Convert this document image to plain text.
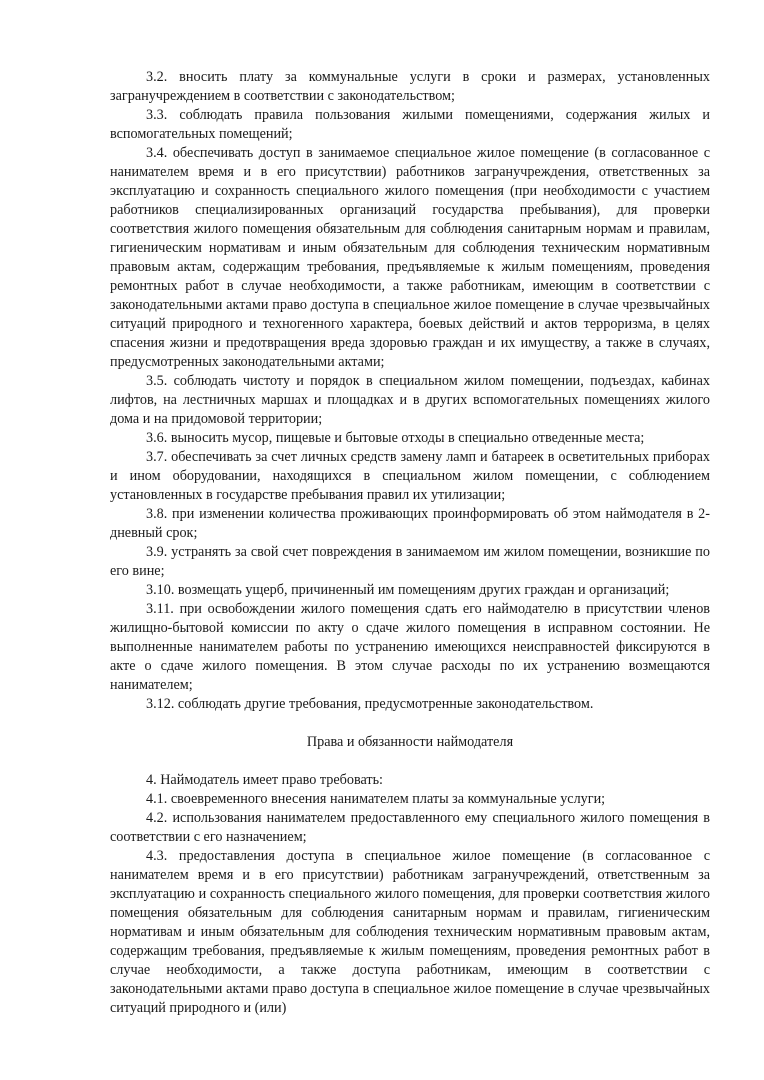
3.2. вносить плату за коммунальные услуги в сроки и размерах, установленных загранучреждением в соответствии с законодательством;

3.3. соблюдать правила пользования жилыми помещениями, содержания жилых и вспомогательных помещений;

3.4. обеспечивать доступ в занимаемое специальное жилое помещение (в согласованное с нанимателем время и в его присутствии) работников загранучреждения, ответственных за эксплуатацию и сохранность специального жилого помещения (при необходимости с участием работников специализированных организаций государства пребывания), для проверки соответствия жилого помещения обязательным для соблюдения санитарным нормам и правилам, гигиеническим нормативам и иным обязательным для соблюдения техническим нормативным правовым актам, содержащим требования, предъявляемые к жилым помещениям, проведения ремонтных работ в случае необходимости, а также работникам, имеющим в соответствии с законодательными актами право доступа в специальное жилое помещение в случае чрезвычайных ситуаций природного и техногенного характера, боевых действий и актов терроризма, в целях спасения жизни и предотвращения вреда здоровью граждан и их имуществу, а также в случаях, предусмотренных законодательными актами;

3.5. соблюдать чистоту и порядок в специальном жилом помещении, подъездах, кабинах лифтов, на лестничных маршах и площадках и в других вспомогательных помещениях жилого дома и на придомовой территории;

3.6. выносить мусор, пищевые и бытовые отходы в специально отведенные места;

3.7. обеспечивать за счет личных средств замену ламп и батареек в осветительных приборах и ином оборудовании, находящихся в специальном жилом помещении, с соблюдением установленных в государстве пребывания правил их утилизации;

3.8. при изменении количества проживающих проинформировать об этом наймодателя в 2-дневный срок;

3.9. устранять за свой счет повреждения в занимаемом им жилом помещении, возникшие по его вине;

3.10. возмещать ущерб, причиненный им помещениям других граждан и организаций;

3.11. при освобождении жилого помещения сдать его наймодателю в присутствии членов жилищно-бытовой комиссии по акту о сдаче жилого помещения в исправном состоянии. Не выполненные нанимателем работы по устранению имеющихся неисправностей фиксируются в акте о сдаче жилого помещения. В этом случае расходы по их устранению возмещаются нанимателем;

3.12. соблюдать другие требования, предусмотренные законодательством.

Права и обязанности наймодателя

4. Наймодатель имеет право требовать:

4.1. своевременного внесения нанимателем платы за коммунальные услуги;

4.2. использования нанимателем предоставленного ему специального жилого помещения в соответствии с его назначением;

4.3. предоставления доступа в специальное жилое помещение (в согласованное с нанимателем время и в его присутствии) работникам загранучреждений, ответственным за эксплуатацию и сохранность специального жилого помещения, для проверки соответствия жилого помещения обязательным для соблюдения санитарным нормам и правилам, гигиеническим нормативам и иным обязательным для соблюдения техническим нормативным правовым актам, содержащим требования, предъявляемые к жилым помещениям, проведения ремонтных работ в случае необходимости, а также доступа работникам, имеющим в соответствии с законодательными актами право доступа в специальное жилое помещение в случае чрезвычайных ситуаций природного и (или)
